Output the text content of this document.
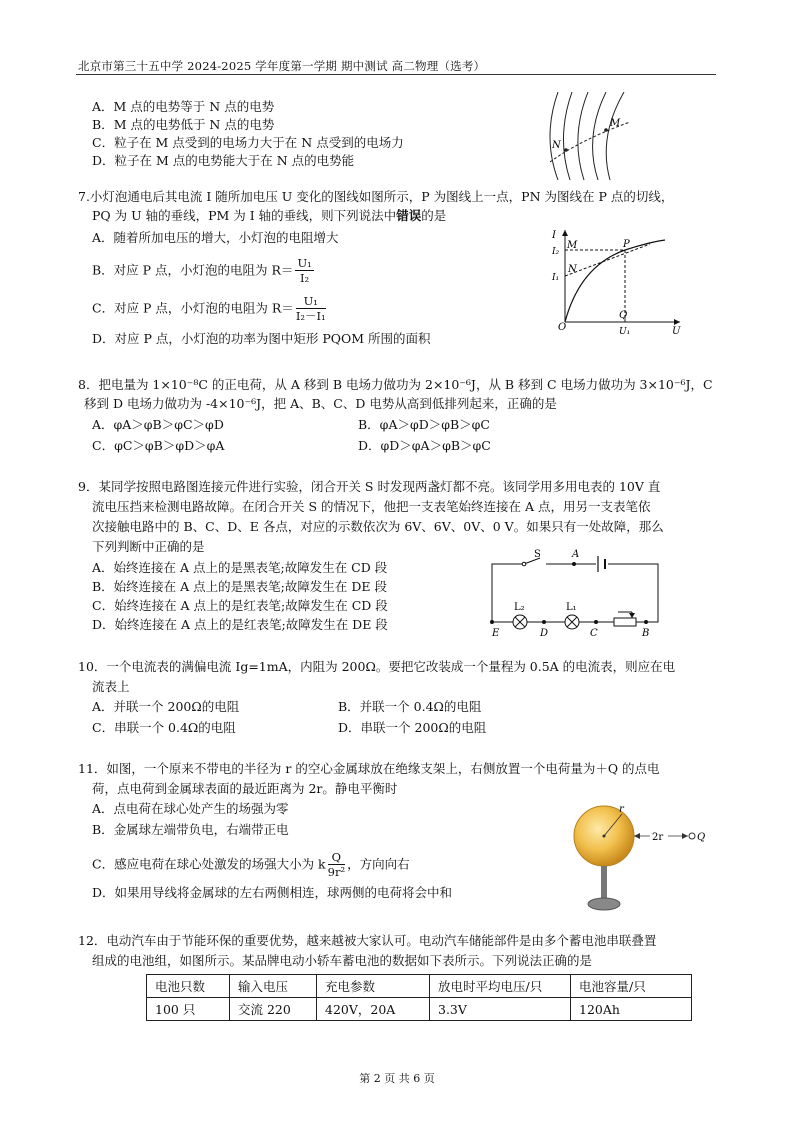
北京市第三十五中学 2024-2025 学年度第一学期 期中测试 高二物理（选考）
A．M 点的电势等于 N 点的电势
B．M 点的电势低于 N 点的电势
C．粒子在 M 点受到的电场力大于在 N 点受到的电场力
D．粒子在 M 点的电势能大于在 N 点的电势能
M
N
7.小灯泡通电后其电流 I 随所加电压 U 变化的图线如图所示，P 为图线上一点，PN 为图线在 P 点的切线，
PQ 为 U 轴的垂线，PM 为 I 轴的垂线，则下列说法中错误的是
A．随着所加电压的增大，小灯泡的电阻增大
B．对应 P 点，小灯泡的电阻为 $R= \frac{\text{U₁}}{\text{I₂}}$
C．对应 P 点，小灯泡的电阻为 $R= \frac{\text{U₁}}{\text{I₂－I₁}}$
D．对应 P 点，小灯泡的功率为图中矩形 PQOM 所围的面积
I
I₂
I₁
M	P
N
O
Q
U₁	U
8．把电量为 1×10⁻⁸C 的正电荷，从 A 移到 B 电场力做功为 2×10⁻⁶J，从 B 移到 C 电场力做功为 3×10⁻⁶J，C
移到 D 电场力做功为 -4×10⁻⁶J，把 A、B、C、D 电势从高到低排列起来，正确的是
A．φA＞φB＞φC＞φD	B．φA＞φD＞φB＞φC
C．φC＞φB＞φD＞φA	D．φD＞φA＞φB＞φC
9．某同学按照电路图连接元件进行实验，闭合开关 S 时发现两盏灯都不亮。该同学用多用电表的 10V 直
流电压挡来检测电路故障。在闭合开关 S 的情况下，他把一支表笔始终连接在 A 点，用另一支表笔依
次接触电路中的 B、C、D、E 各点，对应的示数依次为 6V、6V、0V、0 V。如果只有一处故障，那么
下列判断中正确的是
A．始终连接在 A 点上的是黑表笔;故障发生在 CD 段
B．始终连接在 A 点上的是黑表笔;故障发生在 DE 段
C．始终连接在 A 点上的是红表笔;故障发生在 CD 段
D．始终连接在 A 点上的是红表笔;故障发生在 DE 段
S	A
L₂	L₁
E	D	C	B
10．一个电流表的满偏电流 Ig=1mA，内阻为 200Ω。要把它改装成一个量程为 0.5A 的电流表，则应在电
流表上
A．并联一个 200Ω的电阻	B．并联一个 0.4Ω的电阻
C．串联一个 0.4Ω的电阻	D．串联一个 200Ω的电阻
11．如图，一个原来不带电的半径为 r 的空心金属球放在绝缘支架上，右侧放置一个电荷量为＋Q 的点电
荷，点电荷到金属球表面的最近距离为 2r。静电平衡时
A．点电荷在球心处产生的场强为零
B．金属球左端带负电，右端带正电
C．感应电荷在球心处激发的场强大小为 k $\frac{Q}{\text{9r²}}$ ，方向向右
D．如果用导线将金属球的左右两侧相连，球两侧的电荷将会中和
r
2r	Q
12．电动汽车由于节能环保的重要优势，越来越被大家认可。电动汽车储能部件是由多个蓄电池串联叠置
组成的电池组，如图所示。某品牌电动小轿车蓄电池的数据如下表所示。下列说法正确的是
电池只数	输入电压	充电参数	放电时平均电压/只	电池容量/只
100 只	交流 220	420V，20A	3.3V	120Ah
第 2 页 共 6 页
